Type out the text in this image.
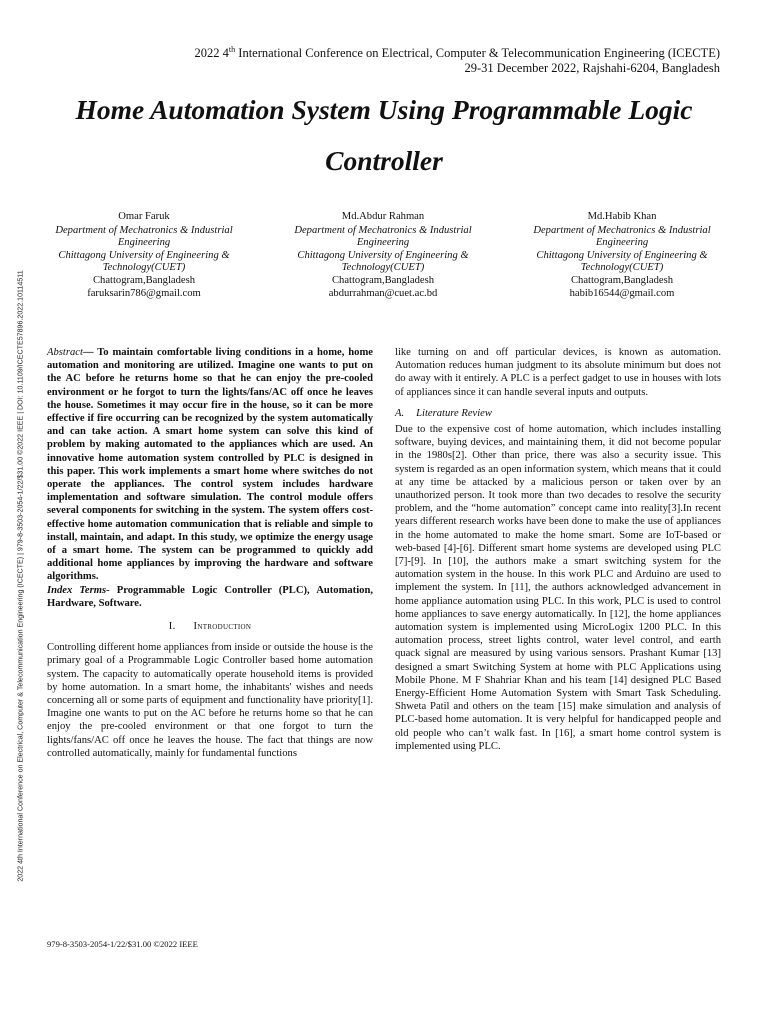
2022 4th International Conference on Electrical, Computer & Telecommunication Engineering (ICECTE) | 979-8-3503-2054-1/22/$31.00 ©2022 IEEE | DOI: 10.1109/ICECTE57896.2022.10114511
2022 4th International Conference on Electrical, Computer & Telecommunication Engineering (ICECTE)
29-31 December 2022, Rajshahi-6204, Bangladesh
Home Automation System Using Programmable Logic Controller
Omar Faruk
Department of Mechatronics & Industrial Engineering
Chittagong University of Engineering & Technology(CUET)
Chattogram,Bangladesh
faruksarin786@gmail.com
Md.Abdur Rahman
Department of Mechatronics & Industrial Engineering
Chittagong University of Engineering & Technology(CUET)
Chattogram,Bangladesh
abdurrahman@cuet.ac.bd
Md.Habib Khan
Department of Mechatronics & Industrial Engineering
Chittagong University of Engineering & Technology(CUET)
Chattogram,Bangladesh
habib16544@gmail.com

Abstract— To maintain comfortable living conditions in a home, home automation and monitoring are utilized. Imagine one wants to put on the AC before he returns home so that he can enjoy the pre-cooled environment or he forgot to turn the lights/fans/AC off once he leaves the house. Sometimes it may occur fire in the house, so it can be more effective if fire occurring can be recognized by the system automatically and can take action. A smart home system can solve this kind of problem by making automated to the appliances which are used. An innovative home automation system controlled by PLC is designed in this paper. This work implements a smart home where switches do not operate the appliances. The control system includes hardware implementation and software simulation. The control module offers several components for switching in the system. The system offers cost-effective home automation communication that is reliable and simple to install, maintain, and adapt. In this study, we optimize the energy usage of a smart home. The system can be programmed to quickly add additional home appliances by improving the hardware and software algorithms.

Index Terms- Programmable Logic Controller (PLC), Automation, Hardware, Software.

I. Introduction

Controlling different home appliances from inside or outside the house is the primary goal of a Programmable Logic Controller based home automation system. The capacity to automatically operate household items is provided by home automation. In a smart home, the inhabitants' wishes and needs concerning all or some parts of equipment and functionality have priority[1]. Imagine one wants to put on the AC before he returns home so that he can enjoy the pre-cooled environment or that one forgot to turn the lights/fans/AC off once he leaves the house. The fact that things are now controlled automatically, mainly for fundamental functions

like turning on and off particular devices, is known as automation. Automation reduces human judgment to its absolute minimum but does not do away with it entirely. A PLC is a perfect gadget to use in houses with lots of appliances since it can handle several inputs and outputs.

A. Literature Review

Due to the expensive cost of home automation, which includes installing software, buying devices, and maintaining them, it did not become popular in the 1980s[2]. Other than price, there was also a security issue. This system is regarded as an open information system, which means that it could at any time be attacked by a malicious person or taken over by an unauthorized person. It took more than two decades to resolve the security problem, and the “home automation” concept came into reality[3].In recent years different research works have been done to make the use of appliances in the home automated to make the home smart. Some are IoT-based or web-based [4]-[6]. Different smart home systems are developed using PLC [7]-[9]. In [10], the authors make a smart switching system for the automation system in the house. In this work PLC and Arduino are used to implement the system. In [11], the authors acknowledged advancement in home appliance automation using PLC. In this work, PLC is used to control home appliances to save energy automatically. In [12], the home appliances automation system is implemented using MicroLogix 1200 PLC. In this automation process, street lights control, water level control, and earth quack signal are measured by using various sensors. Prashant Kumar [13] designed a smart Switching System at home with PLC Applications using Mobile Phone. M F Shahriar Khan and his team [14] designed PLC Based Energy-Efficient Home Automation System with Smart Task Scheduling. Shweta Patil and others on the team [15] make simulation and analysis of PLC-based home automation. It is very helpful for handicapped people and old people who can’t walk fast. In [16], a smart home control system is implemented using PLC.

979-8-3503-2054-1/22/$31.00 ©2022 IEEE
